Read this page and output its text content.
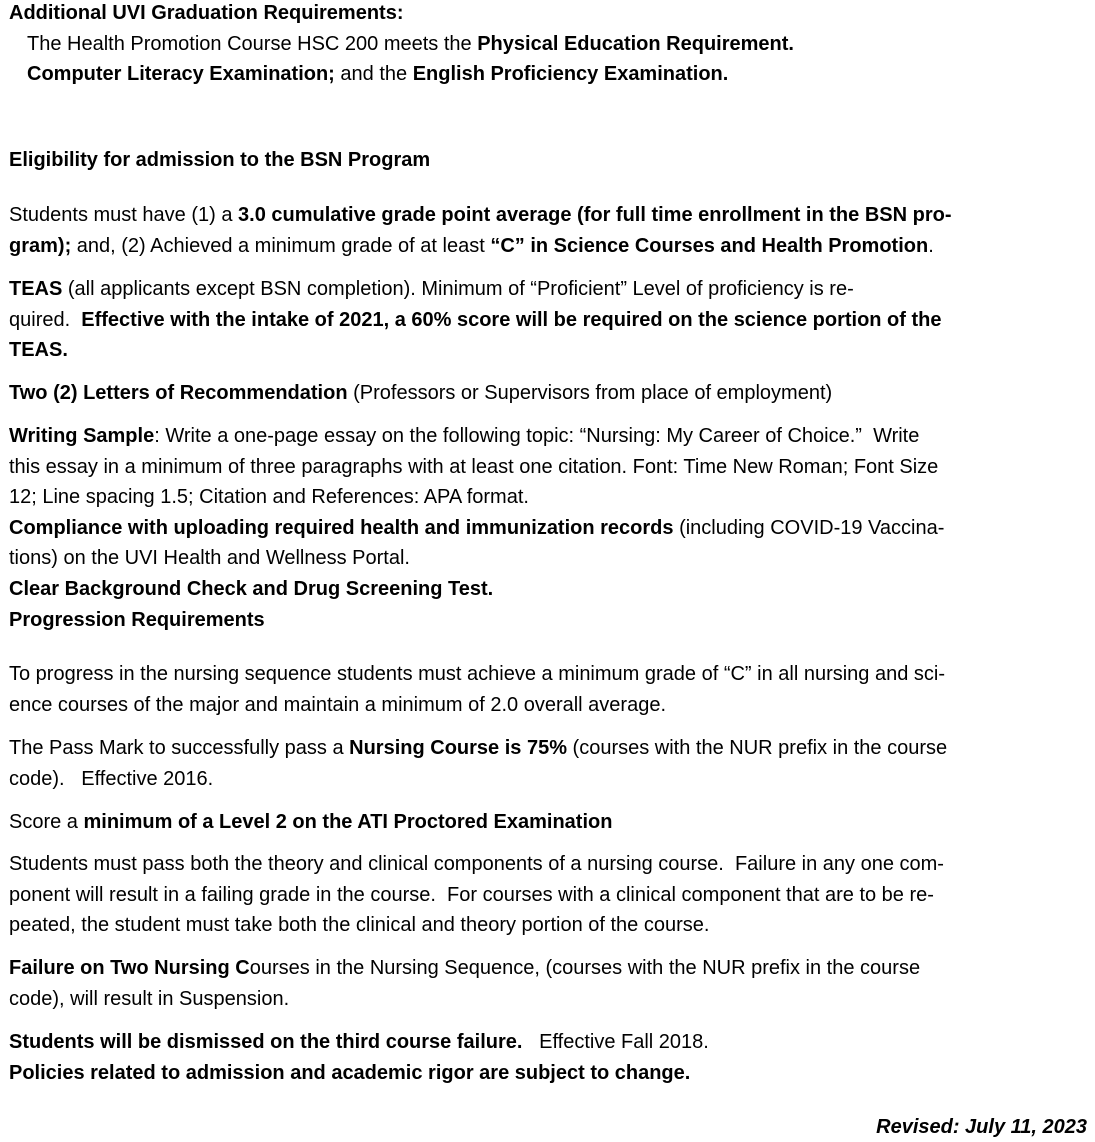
Additional UVI Graduation Requirements:
The Health Promotion Course HSC 200 meets the Physical Education Requirement.
Computer Literacy Examination; and the English Proficiency Examination.
Eligibility for admission to the BSN Program
Students must have (1) a 3.0 cumulative grade point average (for full time enrollment in the BSN pro-
gram); and, (2) Achieved a minimum grade of at least “C” in Science Courses and Health Promotion.
TEAS (all applicants except BSN completion). Minimum of “Proficient” Level of proficiency is re-
quired.  Effective with the intake of 2021, a 60% score will be required on the science portion of the
TEAS.
Two (2) Letters of Recommendation (Professors or Supervisors from place of employment)
Writing Sample: Write a one-page essay on the following topic: “Nursing: My Career of Choice.”  Write
this essay in a minimum of three paragraphs with at least one citation. Font: Time New Roman; Font Size
12; Line spacing 1.5; Citation and References: APA format.
Compliance with uploading required health and immunization records (including COVID-19 Vaccina-
tions) on the UVI Health and Wellness Portal.
Clear Background Check and Drug Screening Test.
Progression Requirements
To progress in the nursing sequence students must achieve a minimum grade of “C” in all nursing and sci-
ence courses of the major and maintain a minimum of 2.0 overall average.
The Pass Mark to successfully pass a Nursing Course is 75% (courses with the NUR prefix in the course
code).   Effective 2016.
Score a minimum of a Level 2 on the ATI Proctored Examination
Students must pass both the theory and clinical components of a nursing course.  Failure in any one com-
ponent will result in a failing grade in the course.  For courses with a clinical component that are to be re-
peated, the student must take both the clinical and theory portion of the course.
Failure on Two Nursing Courses in the Nursing Sequence, (courses with the NUR prefix in the course
code), will result in Suspension.
Students will be dismissed on the third course failure.   Effective Fall 2018.
Policies related to admission and academic rigor are subject to change.
Revised: July 11, 2023
